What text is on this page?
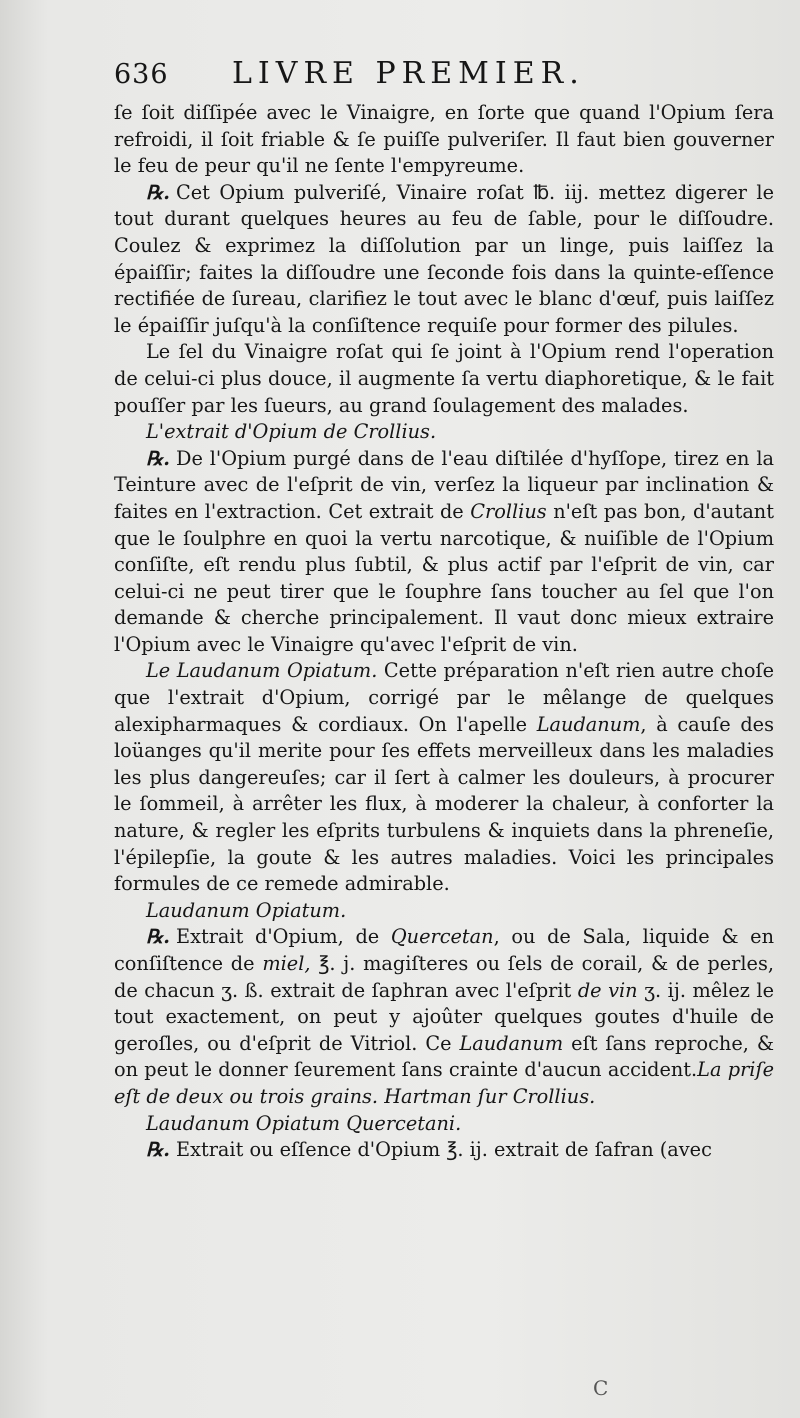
636	LIVRE PREMIER.

ſe ſoit diſſipée avec le Vinaigre, en ſorte que quand l'Opium ſera refroidi, il ſoit friable & ſe puiſſe pulveriſer. Il faut bien gouverner le feu de peur qu'il ne ſente l'empyreume.

℞. Cet Opium pulveriſé, Vinaire roſat ℔. iij. mettez digerer le tout durant quelques heures au feu de ſable, pour le diſſoudre. Coulez & exprimez la diſſolution par un linge, puis laiſſez la épaiſſir; faites la diſſoudre une ſeconde fois dans la quinte-eſſence rectifiée de ſureau, clarifiez le tout avec le blanc d'œuf, puis laiſſez le épaiſſir juſqu'à la conſiſtence requiſe pour former des pilules.

Le ſel du Vinaigre roſat qui ſe joint à l'Opium rend l'operation de celui-ci plus douce, il augmente ſa vertu diaphoretique, & le fait pouſſer par les ſueurs, au grand ſoulagement des malades.

L'extrait d'Opium de Crollius.

℞. De l'Opium purgé dans de l'eau diſtilée d'hyſſope, tirez en la Teinture avec de l'eſprit de vin, verſez la liqueur par inclination & faites en l'extraction. Cet extrait de Crollius n'eſt pas bon, d'autant que le ſoulphre en quoi la vertu narcotique, & nuiſible de l'Opium conſiſte, eſt rendu plus ſubtil, & plus actif par l'eſprit de vin, car celui-ci ne peut tirer que le ſouphre ſans toucher au ſel que l'on demande & cherche principalement. Il vaut donc mieux extraire l'Opium avec le Vinaigre qu'avec l'eſprit de vin.

Le Laudanum Opiatum. Cette préparation n'eſt rien autre choſe que l'extrait d'Opium, corrigé par le mêlange de quelques alexipharmaques & cordiaux. On l'apelle Laudanum, à cauſe des loüanges qu'il merite pour ſes effets merveilleux dans les maladies les plus dangereuſes; car il ſert à calmer les douleurs, à procurer le ſommeil, à arrêter les flux, à moderer la chaleur, à conforter la nature, & regler les eſprits turbulens & inquiets dans la phreneſie, l'épilepſie, la goute & les autres maladies. Voici les principales formules de ce remede admirable.

Laudanum Opiatum.

℞. Extrait d'Opium, de Quercetan, ou de Sala, liquide & en conſiſtence de miel, ℥. j. magiſteres ou ſels de corail, & de perles, de chacun ʒ. ß. extrait de ſaphran avec l'eſprit de vin ʒ. ij. mêlez le tout exactement, on peut y ajoûter quelques goutes d'huile de geroſles, ou d'eſprit de Vitriol. Ce Laudanum eſt ſans reproche, & on peut le donner ſeurement ſans crainte d'aucun accident.La priſe eſt de deux ou trois grains. Hartman ſur Crollius.

Laudanum Opiatum Quercetani.

℞. Extrait ou eſſence d'Opium ℥. ij. extrait de ſafran (avec

C
